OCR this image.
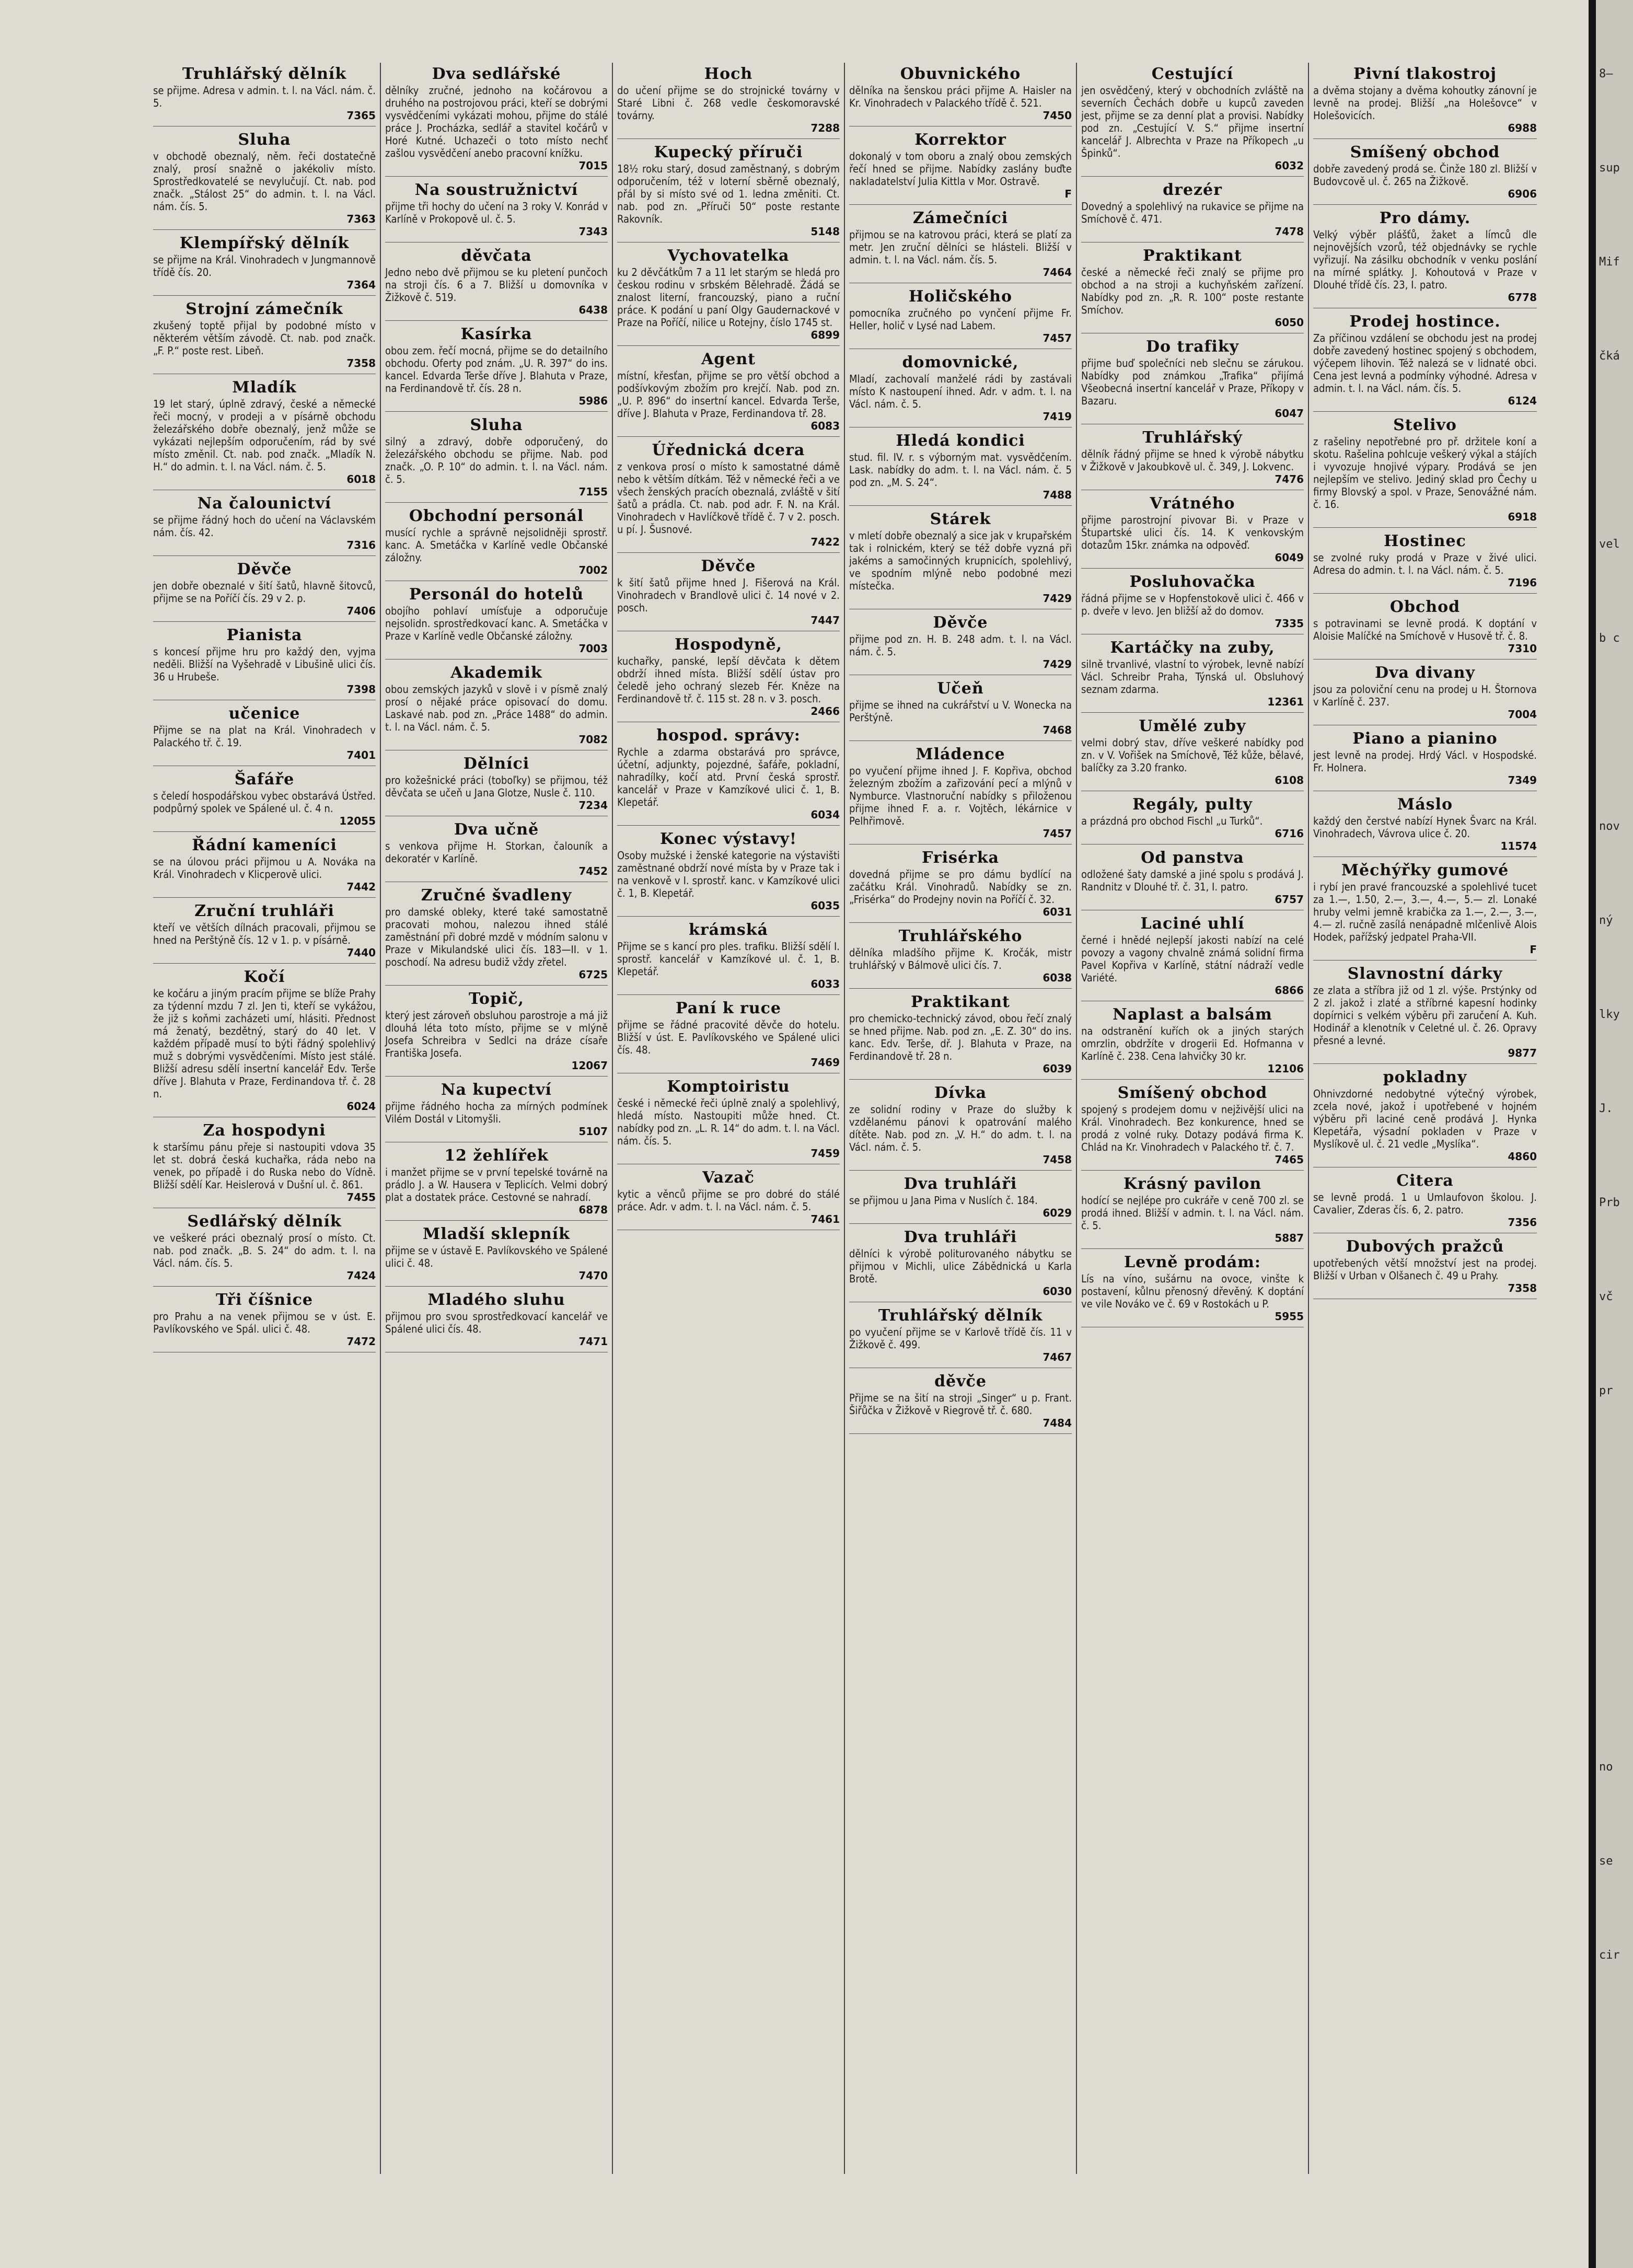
8—
sup
Mif
čká
vel
b c
nov
ný
lky
J.
Prb
vč
pr
no
se
cir
Truhlářský dělník

se přijme. Adresa v admin. t. l. na Václ. nám. č. 5.

7365
Sluha

v obchodě obeznalý, něm. řeči dostatečně znalý, prosí snažně o jakékoliv místo. Sprostředkovatelé se nevylučují. Ct. nab. pod značk. „Stálost 25“ do admin. t. l. na Václ. nám. čís. 5.

7363
Klempířský dělník

se přijme na Král. Vinohradech v Jungmannově třídě čís. 20.

7364
Strojní zámečník

zkušený toptě přijal by podobné místo v některém větším závodě. Ct. nab. pod značk. „F. P.“ poste rest. Libeň.

7358
Mladík

19 let starý, úplně zdravý, české a německé řeči mocný, v prodeji a v písárně obchodu železářského dobře obeznalý, jenž může se vykázati nejlepším odporučením, rád by své místo změnil. Ct. nab. pod značk. „Mladík N. H.“ do admin. t. l. na Václ. nám. č. 5.

6018
Na čalounictví

se přijme řádný hoch do učení na Václavském nám. čís. 42.

7316
Děvče

jen dobře obeznalé v šití šatů, hlavně šitovců, přijme se na Poříčí čís. 29 v 2. p.

7406
Pianista

s koncesí přijme hru pro každý den, vyjma neděli. Bližší na Vyšehradě v Libušině ulici čís. 36 u Hrubeše.

7398
učenice

Přijme se na plat na Král. Vinohradech v Palackého tř. č. 19.

7401
Šafáře

s čeledí hospodářskou vybec obstarává Ústřed. podpůrný spolek ve Spálené ul. č. 4 n.

12055
Řádní kameníci

se na úlovou práci přijmou u A. Nováka na Král. Vinohradech v Klicperově ulici.

7442
Zruční truhláři

kteří ve větších dílnách pracovali, přijmou se hned na Perštýně čís. 12 v 1. p. v písárně.

7440
Kočí

ke kočáru a jiným pracím přijme se blíže Prahy za týdenní mzdu 7 zl. Jen ti, kteří se vykážou, že již s koňmi zacházeti umí, hlásiti. Přednost má ženatý, bezdětný, starý do 40 let. V každém případě musí to býti řádný spolehlivý muž s dobrými vysvědčeními. Místo jest stálé. Bližší adresu sdělí insertní kancelář Edv. Terše dříve J. Blahuta v Praze, Ferdinandova tř. č. 28 n.

6024
Za hospodyni

k staršímu pánu přeje si nastoupiti vdova 35 let st. dobrá česká kuchařka, ráda nebo na venek, po případě i do Ruska nebo do Vídně. Bližší sdělí Kar. Heislerová v Dušní ul. č. 861.

7455
Sedlářský dělník

ve veškeré práci obeznalý prosí o místo. Ct. nab. pod značk. „B. S. 24“ do adm. t. l. na Václ. nám. čís. 5.

7424
Tři číšnice

pro Prahu a na venek přijmou se v úst. E. Pavlíkovského ve Spál. ulici č. 48.

7472
Dva sedlářské

dělníky zručné, jednoho na kočárovou a druhého na postrojovou práci, kteří se dobrými vysvědčeními vykázati mohou, přijme do stálé práce J. Procházka, sedlář a stavitel kočárů v Horé Kutné. Uchazeči o toto místo nechť zašlou vysvědčení anebo pracovní knížku.

7015
Na soustružnictví

přijme tři hochy do učení na 3 roky V. Konrád v Karlíně v Prokopově ul. č. 5.

7343
děvčata

Jedno nebo dvě přijmou se ku pletení punčoch na stroji čís. 6 a 7. Bližší u domovníka v Žižkově č. 519.

6438
Kasírka

obou zem. řečí mocná, přijme se do detailního obchodu. Oferty pod znám. „U. R. 397“ do ins. kancel. Edvarda Terše dříve J. Blahuta v Praze, na Ferdinandově tř. čís. 28 n.

5986
Sluha

silný a zdravý, dobře odporučený, do železářského obchodu se přijme. Nab. pod značk. „O. P. 10“ do admin. t. l. na Václ. nám. č. 5.

7155
Obchodní personál

musící rychle a správně nejsolidněji sprostř. kanc. A. Smetáčka v Karlíně vedle Občanské záložny.

7002
Personál do hotelů

obojího pohlaví umísťuje a odporučuje nejsolidn. sprostředkovací kanc. A. Smetáčka v Praze v Karlíně vedle Občanské záložny.

7003
Akademik

obou zemských jazyků v slově i v písmě znalý prosí o nějaké práce opisovací do domu. Laskavé nab. pod zn. „Práce 1488“ do admin. t. l. na Václ. nám. č. 5.

7082
Dělníci

pro kožešnické práci (toboľky) se přijmou, též děvčata se učeň u Jana Glotze, Nusle č. 110.

7234
Dva učně

s venkova přijme H. Storkan, čalouník a dekoratér v Karlíně.

7452
Zručné švadleny

pro damské obleky, které také samostatně pracovati mohou, nalezou ihned stálé zaměstnání při dobré mzdě v módním salonu v Praze v Mikulandské ulici čís. 183—II. v 1. poschodí. Na adresu budiž vždy zřetel.

6725
Topič,

který jest zároveň obsluhou parostroje a má již dlouhá léta toto místo, přijme se v mlýně Josefa Schreibra v Sedlci na dráze císaře Františka Josefa.

12067
Na kupectví

přijme řádného hocha za mírných podmínek Vilém Dostál v Litomyšli.

5107
12 žehlířek

i manžet přijme se v první tepelské továrně na prádlo J. a W. Hausera v Teplicích. Velmi dobrý plat a dostatek práce. Cestovné se nahradí.

6878
Mladší sklepník

přijme se v ústavě E. Pavlíkovského ve Spálené ulici č. 48.

7470
Mladého sluhu

přijmou pro svou sprostředkovací kancelář ve Spálené ulici čís. 48.

7471
Hoch

do učení přijme se do strojnické továrny v Staré Libni č. 268 vedle českomoravské továrny.

7288
Kupecký příruči

18½ roku starý, dosud zaměstnaný, s dobrým odporučením, též v loterní sběrně obeznalý, přál by si místo své od 1. ledna změniti. Ct. nab. pod zn. „Příruči 50“ poste restante Rakovník.

5148
Vychovatelka

ku 2 děvčátkům 7 a 11 let starým se hledá pro českou rodinu v srbském Bělehradě. Žádá se znalost literní, francouzský, piano a ruční práce. K podání u paní Olgy Gaudernackové v Praze na Poříčí, nilice u Rotejny, číslo 1745 st.

6899
Agent

místní, křesťan, přijme se pro větší obchod a podšívkovým zbožím pro krejčí. Nab. pod zn. „U. P. 896“ do insertní kancel. Edvarda Terše, dříve J. Blahuta v Praze, Ferdinandova tř. 28.

6083
Úřednická dcera

z venkova prosí o místo k samostatné dámě nebo k větším dítkám. Též v německé řeči a ve všech ženských pracích obeznalá, zvláště v šití šatů a prádla. Ct. nab. pod adr. F. N. na Král. Vinohradech v Havlíčkově třídě č. 7 v 2. posch. u pí. J. Šusnové.

7422
Děvče

k šití šatů přijme hned J. Fišerová na Král. Vinohradech v Brandlově ulici č. 14 nové v 2. posch.

7447
Hospodyně,

kuchařky, panské, lepší děvčata k dětem obdrží ihned místa. Bližší sdělí ústav pro čeledě jeho ochraný slezeb Fér. Kněze na Ferdinandově tř. č. 115 st. 28 n. v 3. posch.

2466
hospod. správy:

Rychle a zdarma obstarává pro správce, účetní, adjunkty, pojezdné, šafáře, pokladní, nahradílky, kočí atd. První česká sprostř. kancelář v Praze v Kamzíkové ulici č. 1, B. Klepetář.

6034
Konec výstavy!

Osoby mužské i ženské kategorie na výstavišti zaměstnané obdrží nové místa by v Praze tak i na venkově v I. sprostř. kanc. v Kamzíkové ulici č. 1, B. Klepetář.

6035
krámská

Přijme se s kancí pro ples. trafiku. Bližší sdělí I. sprostř. kancelář v Kamzíkové ul. č. 1, B. Klepetář.

6033
Paní k ruce

přijme se řádné pracovité děvče do hotelu. Bližší v úst. E. Pavlíkovského ve Spálené ulici čís. 48.

7469
Komptoiristu

české i německé řeči úplně znalý a spolehlivý, hledá místo. Nastoupiti může hned. Ct. nabídky pod zn. „L. R. 14“ do adm. t. l. na Václ. nám. čís. 5.

7459
Vazač

kytic a věnců přijme se pro dobré do stálé práce. Adr. v adm. t. l. na Václ. nám. č. 5.

7461
Obuvnického

dělníka na šenskou práci přijme A. Haisler na Kr. Vinohradech v Palackého třídě č. 521.

7450
Korrektor

dokonalý v tom oboru a znalý obou zemských řečí hned se přijme. Nabídky zaslány buďte nakladatelství Julia Kittla v Mor. Ostravě.

F
Zámečníci

přijmou se na katrovou práci, která se platí za metr. Jen zruční dělníci se hlásteli. Bližší v admin. t. l. na Václ. nám. čís. 5.

7464
Holičského

pomocníka zručného po vynčení přijme Fr. Heller, holič v Lysé nad Labem.

7457
domovnické,

Mladí, zachovalí manželé rádi by zastávali místo K nastoupení ihned. Adr. v adm. t. l. na Václ. nám. č. 5.

7419
Hledá kondici

stud. fil. IV. r. s výborným mat. vysvědčením. Lask. nabídky do adm. t. l. na Václ. nám. č. 5 pod zn. „M. S. 24“.

7488
Stárek

v mletí dobře obeznalý a sice jak v krupařském tak i rolnickém, který se též dobře vyzná při jakéms a samočinných krupnicích, spolehlivý, ve spodním mlýně nebo podobné mezi místečka.

7429
Děvče

přijme pod zn. H. B. 248 adm. t. l. na Václ. nám. č. 5.

7429
Učeň

přijme se ihned na cukrářství u V. Wonecka na Perštýně.

7468
Mládence

po vyučení přijme ihned J. F. Kopřiva, obchod železným zbožím a zařizování pecí a mlýnů v Nymburce. Vlastnoruční nabídky s přiloženou přijme ihned F. a. r. Vojtěch, lékárnice v Pelhřimově.

7457
Frisérka

dovedná přijme se pro dámu bydlící na začátku Král. Vinohradů. Nabídky se zn. „Frisérka“ do Prodejny novin na Poříčí č. 32.

6031
Truhlářského

dělníka mladšího přijme K. Kročák, mistr truhlářský v Bálmově ulici čís. 7.

6038
Praktikant

pro chemicko-technický závod, obou řečí znalý se hned přijme. Nab. pod zn. „E. Z. 30“ do ins. kanc. Edv. Terše, dř. J. Blahuta v Praze, na Ferdinandově tř. 28 n.

6039
Dívka

ze solidní rodiny v Praze do služby k vzdělanému pánovi k opatrování malého dítěte. Nab. pod zn. „V. H.“ do adm. t. l. na Václ. nám. č. 5.

7458
Dva truhláři

se přijmou u Jana Pima v Nuslích č. 184.

6029
Dva truhláři

dělníci k výrobě politurovaného nábytku se přijmou v Michli, ulice Zábědnická u Karla Brotě.

6030
Truhlářský dělník

po vyučení přijme se v Karlově třídě čís. 11 v Žižkově č. 499.

7467
děvče

Přijme se na šití na stroji „Singer“ u p. Frant. Šiřůčka v Žižkově v Riegrově tř. č. 680.

7484
Cestující

jen osvědčený, který v obchodních zvláště na severních Čechách dobře u kupců zaveden jest, přijme se za denní plat a provisi. Nabídky pod zn. „Cestující V. S.“ přijme insertní kancelář J. Albrechta v Praze na Příkopech „u Špinků“.

6032
drezér

Dovedný a spolehlivý na rukavice se přijme na Smíchově č. 471.

7478
Praktikant

české a německé řeči znalý se přijme pro obchod a na stroji a kuchyňském zařízení. Nabídky pod zn. „R. R. 100“ poste restante Smíchov.

6050
Do trafiky

přijme buď společníci neb slečnu se zárukou. Nabídky pod známkou „Trafika“ přijímá Všeobecná insertní kancelář v Praze, Příkopy v Bazaru.

6047
Truhlářský

dělník řádný přijme se hned k výrobě nábytku v Žižkově v Jakoubkově ul. č. 349, J. Lokvenc.

7476
Vrátného

přijme parostrojní pivovar Bi. v Praze v Štupartské ulici čís. 14. K venkovským dotazům 15kr. známka na odpověď.

6049
Posluhovačka

řádná přijme se v Hopfenstokově ulici č. 466 v p. dveře v levo. Jen bližší až do domov.

7335
Kartáčky na zuby,

silně trvanlivé, vlastní to výrobek, levně nabízí Václ. Schreibr Praha, Týnská ul. Obsluhový seznam zdarma.

12361
Umělé zuby

velmi dobrý stav, dříve veškeré nabídky pod zn. v V. Vořišek na Smíchově, Též kůže, bělavé, balíčky za 3.20 franko.

6108
Regály, pulty

a prázdná pro obchod Fischl „u Turků“.

6716
Od panstva

odložené šaty damské a jiné spolu s prodává J. Randnitz v Dlouhé tř. č. 31, I. patro.

6757
Laciné uhlí

černé i hnědé nejlepší jakosti nabízí na celé povozy a vagony chvalně známá solidní firma Pavel Kopřiva v Karlíně, státní nádraží vedle Variété.

6866
Naplast a balsám

na odstranění kuřích ok a jiných starých omrzlin, obdržíte v drogerii Ed. Hofmanna v Karlíně č. 238. Cena lahvičky 30 kr.

12106
Smíšený obchod

spojený s prodejem domu v nejživější ulici na Král. Vinohradech. Bez konkurence, hned se prodá z volné ruky. Dotazy podává firma K. Chlád na Kr. Vinohradech v Palackého tř. č. 7.

7465
Krásný pavilon

hodící se nejlépe pro cukráře v ceně 700 zl. se prodá ihned. Bližší v admin. t. l. na Václ. nám. č. 5.

5887
Levně prodám:

Lís na víno, sušárnu na ovoce, vinšte k postavení, kůlnu přenosný dřevěný. K doptání ve vile Nováko ve č. 69 v Rostokách u P.

5955
Pivní tlakostroj

a dvěma stojany a dvěma kohoutky zánovní je levně na prodej. Bližší „na Holešovce“ v Holešovicích.

6988
Smíšený obchod

dobře zavedený prodá se. Činže 180 zl. Bližší v Budovcově ul. č. 265 na Žižkově.

6906
Pro dámy.

Velký výběr plášťů, žaket a límců dle nejnovějších vzorů, též objednávky se rychle vyřizují. Na zásilku obchodník v venku poslání na mírné splátky. J. Kohoutová v Praze v Dlouhé třídě čís. 23, I. patro.

6778
Prodej hostince.

Za příčinou vzdálení se obchodu jest na prodej dobře zavedený hostinec spojený s obchodem, výčepem lihovin. Též nalezá se v lidnaté obci. Cena jest levná a podmínky výhodné. Adresa v admin. t. l. na Václ. nám. čís. 5.

6124
Stelivo

z rašeliny nepotřebné pro př. držitele koní a skotu. Rašelina pohlcuje veškerý výkal a stájích i vyvozuje hnojivé výpary. Prodává se jen nejlepším ve stelivo. Jediný sklad pro Čechy u firmy Blovský a spol. v Praze, Senovážné nám. č. 16.

6918
Hostinec

se zvolné ruky prodá v Praze v živé ulici. Adresa do admin. t. l. na Václ. nám. č. 5.

7196
Obchod

s potravinami se levně prodá. K doptání v Aloisie Malíčké na Smíchově v Husově tř. č. 8.

7310
Dva divany

jsou za poloviční cenu na prodej u H. Štornova v Karlíně č. 237.

7004
Piano a pianino

jest levně na prodej. Hrdý Václ. v Hospodské. Fr. Holnera.

7349
Máslo

každý den čerstvé nabízí Hynek Švarc na Král. Vinohradech, Vávrova ulice č. 20.

11574
Měchýřky gumové

i rybí jen pravé francouzské a spolehlivé tucet za 1.—, 1.50, 2.—, 3.—, 4.—, 5.— zl. Lonaké hruby velmi jemně krabička za 1.—, 2.—, 3.—, 4.— zl. ručně zasílá nenápadně mlčenlivě Alois Hodek, pařížský jedpatel Praha-VII.

F
Slavnostní dárky

ze zlata a stříbra již od 1 zl. výše. Prstýnky od 2 zl. jakož i zlaté a stříbrné kapesní hodinky dopírnici s velkém výběru při zaručení A. Kuh. Hodinář a klenotník v Celetné ul. č. 26. Opravy přesné a levné.

9877
pokladny

Ohnivzdorné nedobytné výtečný výrobek, zcela nové, jakož i upotřebené v hojném výběru při laciné ceně prodává J. Hynka Klepetářa, výsadní pokladen v Praze v Myslíkově ul. č. 21 vedle „Myslíka“.

4860
Citera

se levně prodá. 1 u Umlaufovon školou. J. Cavalier, Zderas čís. 6, 2. patro.

7356
Dubových pražců

upotřebených větší množství jest na prodej. Bližší v Urban v Olšanech č. 49 u Prahy.

7358
